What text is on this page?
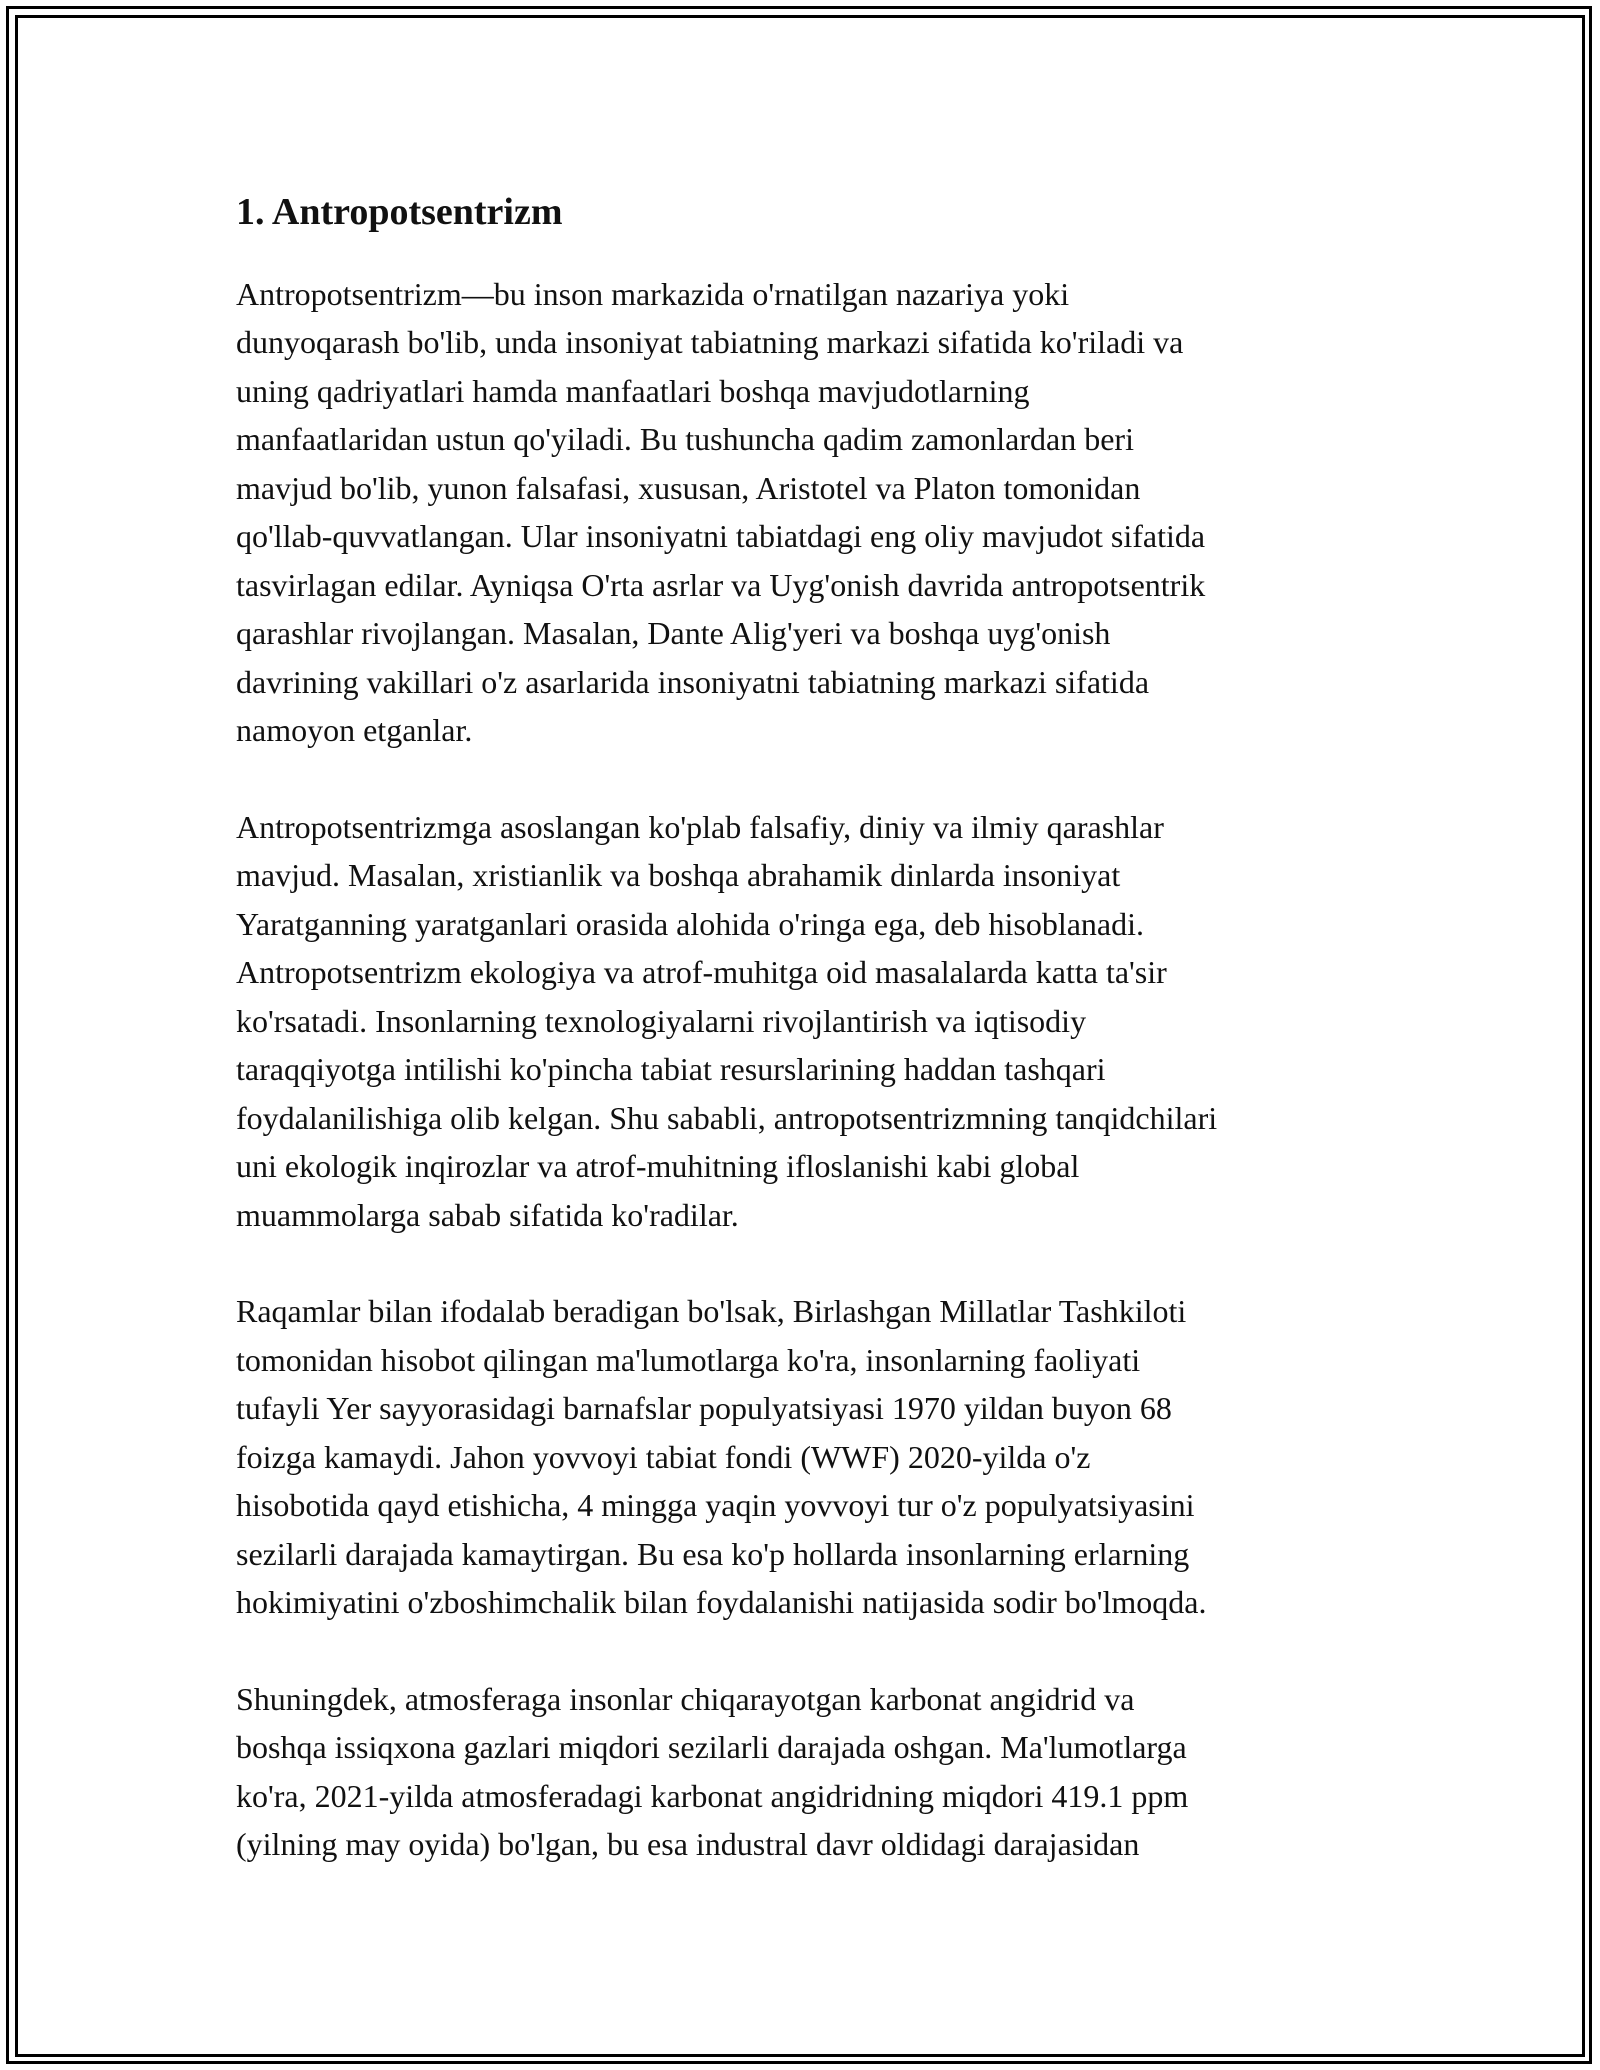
1. Antropotsentrizm

Antropotsentrizm—bu inson markazida o'rnatilgan nazariya yoki
dunyoqarash bo'lib, unda insoniyat tabiatning markazi sifatida ko'riladi va
uning qadriyatlari hamda manfaatlari boshqa mavjudotlarning
manfaatlaridan ustun qo'yiladi. Bu tushuncha qadim zamonlardan beri
mavjud bo'lib, yunon falsafasi, xususan, Aristotel va Platon tomonidan
qo'llab-quvvatlangan. Ular insoniyatni tabiatdagi eng oliy mavjudot sifatida
tasvirlagan edilar. Ayniqsa O'rta asrlar va Uyg'onish davrida antropotsentrik
qarashlar rivojlangan. Masalan, Dante Alig'yeri va boshqa uyg'onish
davrining vakillari o'z asarlarida insoniyatni tabiatning markazi sifatida
namoyon etganlar.

Antropotsentrizmga asoslangan ko'plab falsafiy, diniy va ilmiy qarashlar
mavjud. Masalan, xristianlik va boshqa abrahamik dinlarda insoniyat
Yaratganning yaratganlari orasida alohida o'ringa ega, deb hisoblanadi.
Antropotsentrizm ekologiya va atrof-muhitga oid masalalarda katta ta'sir
ko'rsatadi. Insonlarning texnologiyalarni rivojlantirish va iqtisodiy
taraqqiyotga intilishi ko'pincha tabiat resurslarining haddan tashqari
foydalanilishiga olib kelgan. Shu sababli, antropotsentrizmning tanqidchilari
uni ekologik inqirozlar va atrof-muhitning ifloslanishi kabi global
muammolarga sabab sifatida ko'radilar.

Raqamlar bilan ifodalab beradigan bo'lsak, Birlashgan Millatlar Tashkiloti
tomonidan hisobot qilingan ma'lumotlarga ko'ra, insonlarning faoliyati
tufayli Yer sayyorasidagi barnafslar populyatsiyasi 1970 yildan buyon 68
foizga kamaydi. Jahon yovvoyi tabiat fondi (WWF) 2020-yilda o'z
hisobotida qayd etishicha, 4 mingga yaqin yovvoyi tur o'z populyatsiyasini
sezilarli darajada kamaytirgan. Bu esa ko'p hollarda insonlarning erlarning
hokimiyatini o'zboshimchalik bilan foydalanishi natijasida sodir bo'lmoqda.

Shuningdek, atmosferaga insonlar chiqarayotgan karbonat angidrid va
boshqa issiqxona gazlari miqdori sezilarli darajada oshgan. Ma'lumotlarga
ko'ra, 2021-yilda atmosferadagi karbonat angidridning miqdori 419.1 ppm
(yilning may oyida) bo'lgan, bu esa industral davr oldidagi darajasidan
